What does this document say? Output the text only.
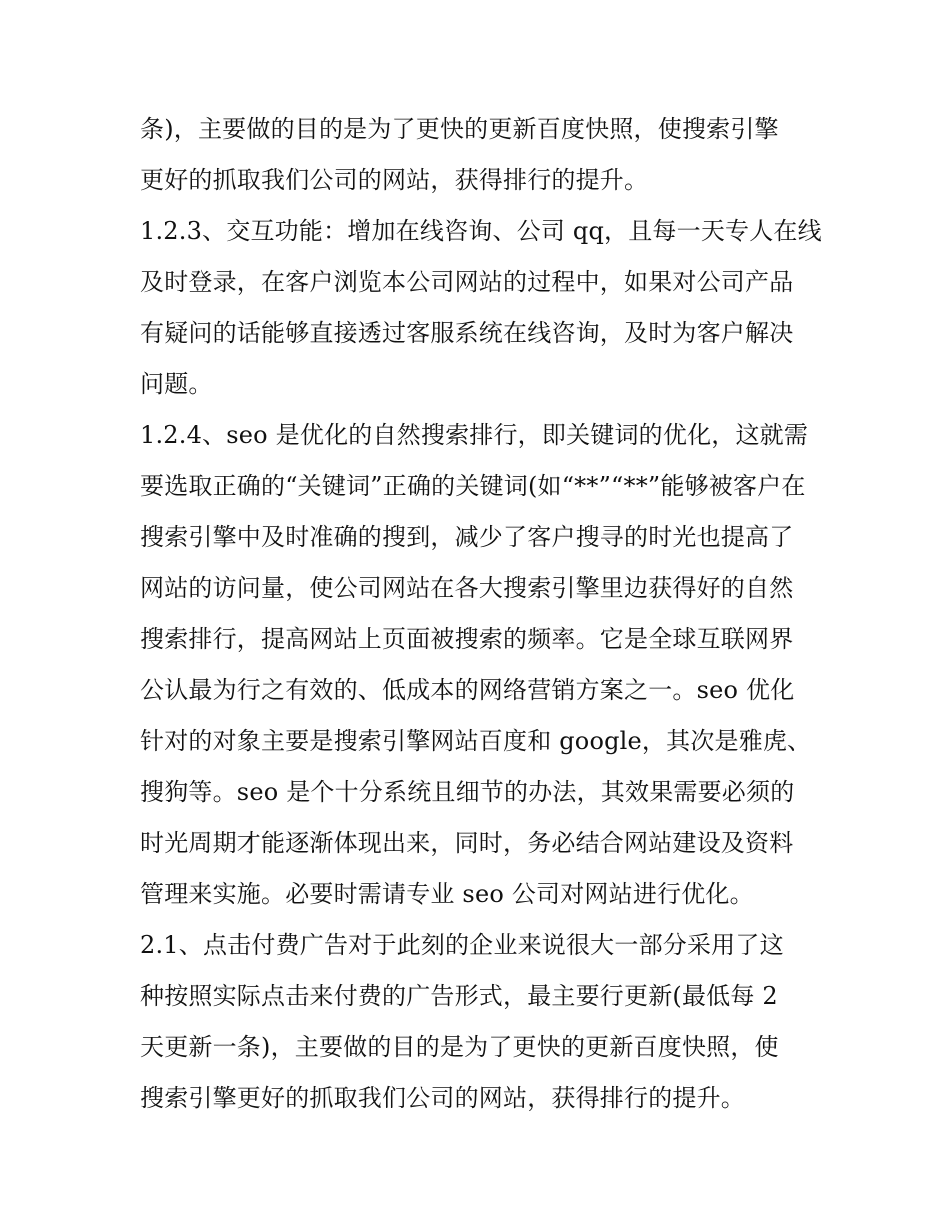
条)，主要做的目的是为了更快的更新百度快照，使搜索引擎
更好的抓取我们公司的网站，获得排行的提升。
1.2.3、交互功能：增加在线咨询、公司 qq，且每一天专人在线
及时登录，在客户浏览本公司网站的过程中，如果对公司产品
有疑问的话能够直接透过客服系统在线咨询，及时为客户解决
问题。
1.2.4、seo 是优化的自然搜索排行，即关键词的优化，这就需
要选取正确的“关键词”正确的关键词(如“**”“**”能够被客户在
搜索引擎中及时准确的搜到，减少了客户搜寻的时光也提高了
网站的访问量，使公司网站在各大搜索引擎里边获得好的自然
搜索排行，提高网站上页面被搜索的频率。它是全球互联网界
公认最为行之有效的、低成本的网络营销方案之一。seo 优化
针对的对象主要是搜索引擎网站百度和 google，其次是雅虎、
搜狗等。seo 是个十分系统且细节的办法，其效果需要必须的
时光周期才能逐渐体现出来，同时，务必结合网站建设及资料
管理来实施。必要时需请专业 seo 公司对网站进行优化。
2.1、点击付费广告对于此刻的企业来说很大一部分采用了这
种按照实际点击来付费的广告形式，最主要行更新(最低每 2
天更新一条)，主要做的目的是为了更快的更新百度快照，使
搜索引擎更好的抓取我们公司的网站，获得排行的提升。
